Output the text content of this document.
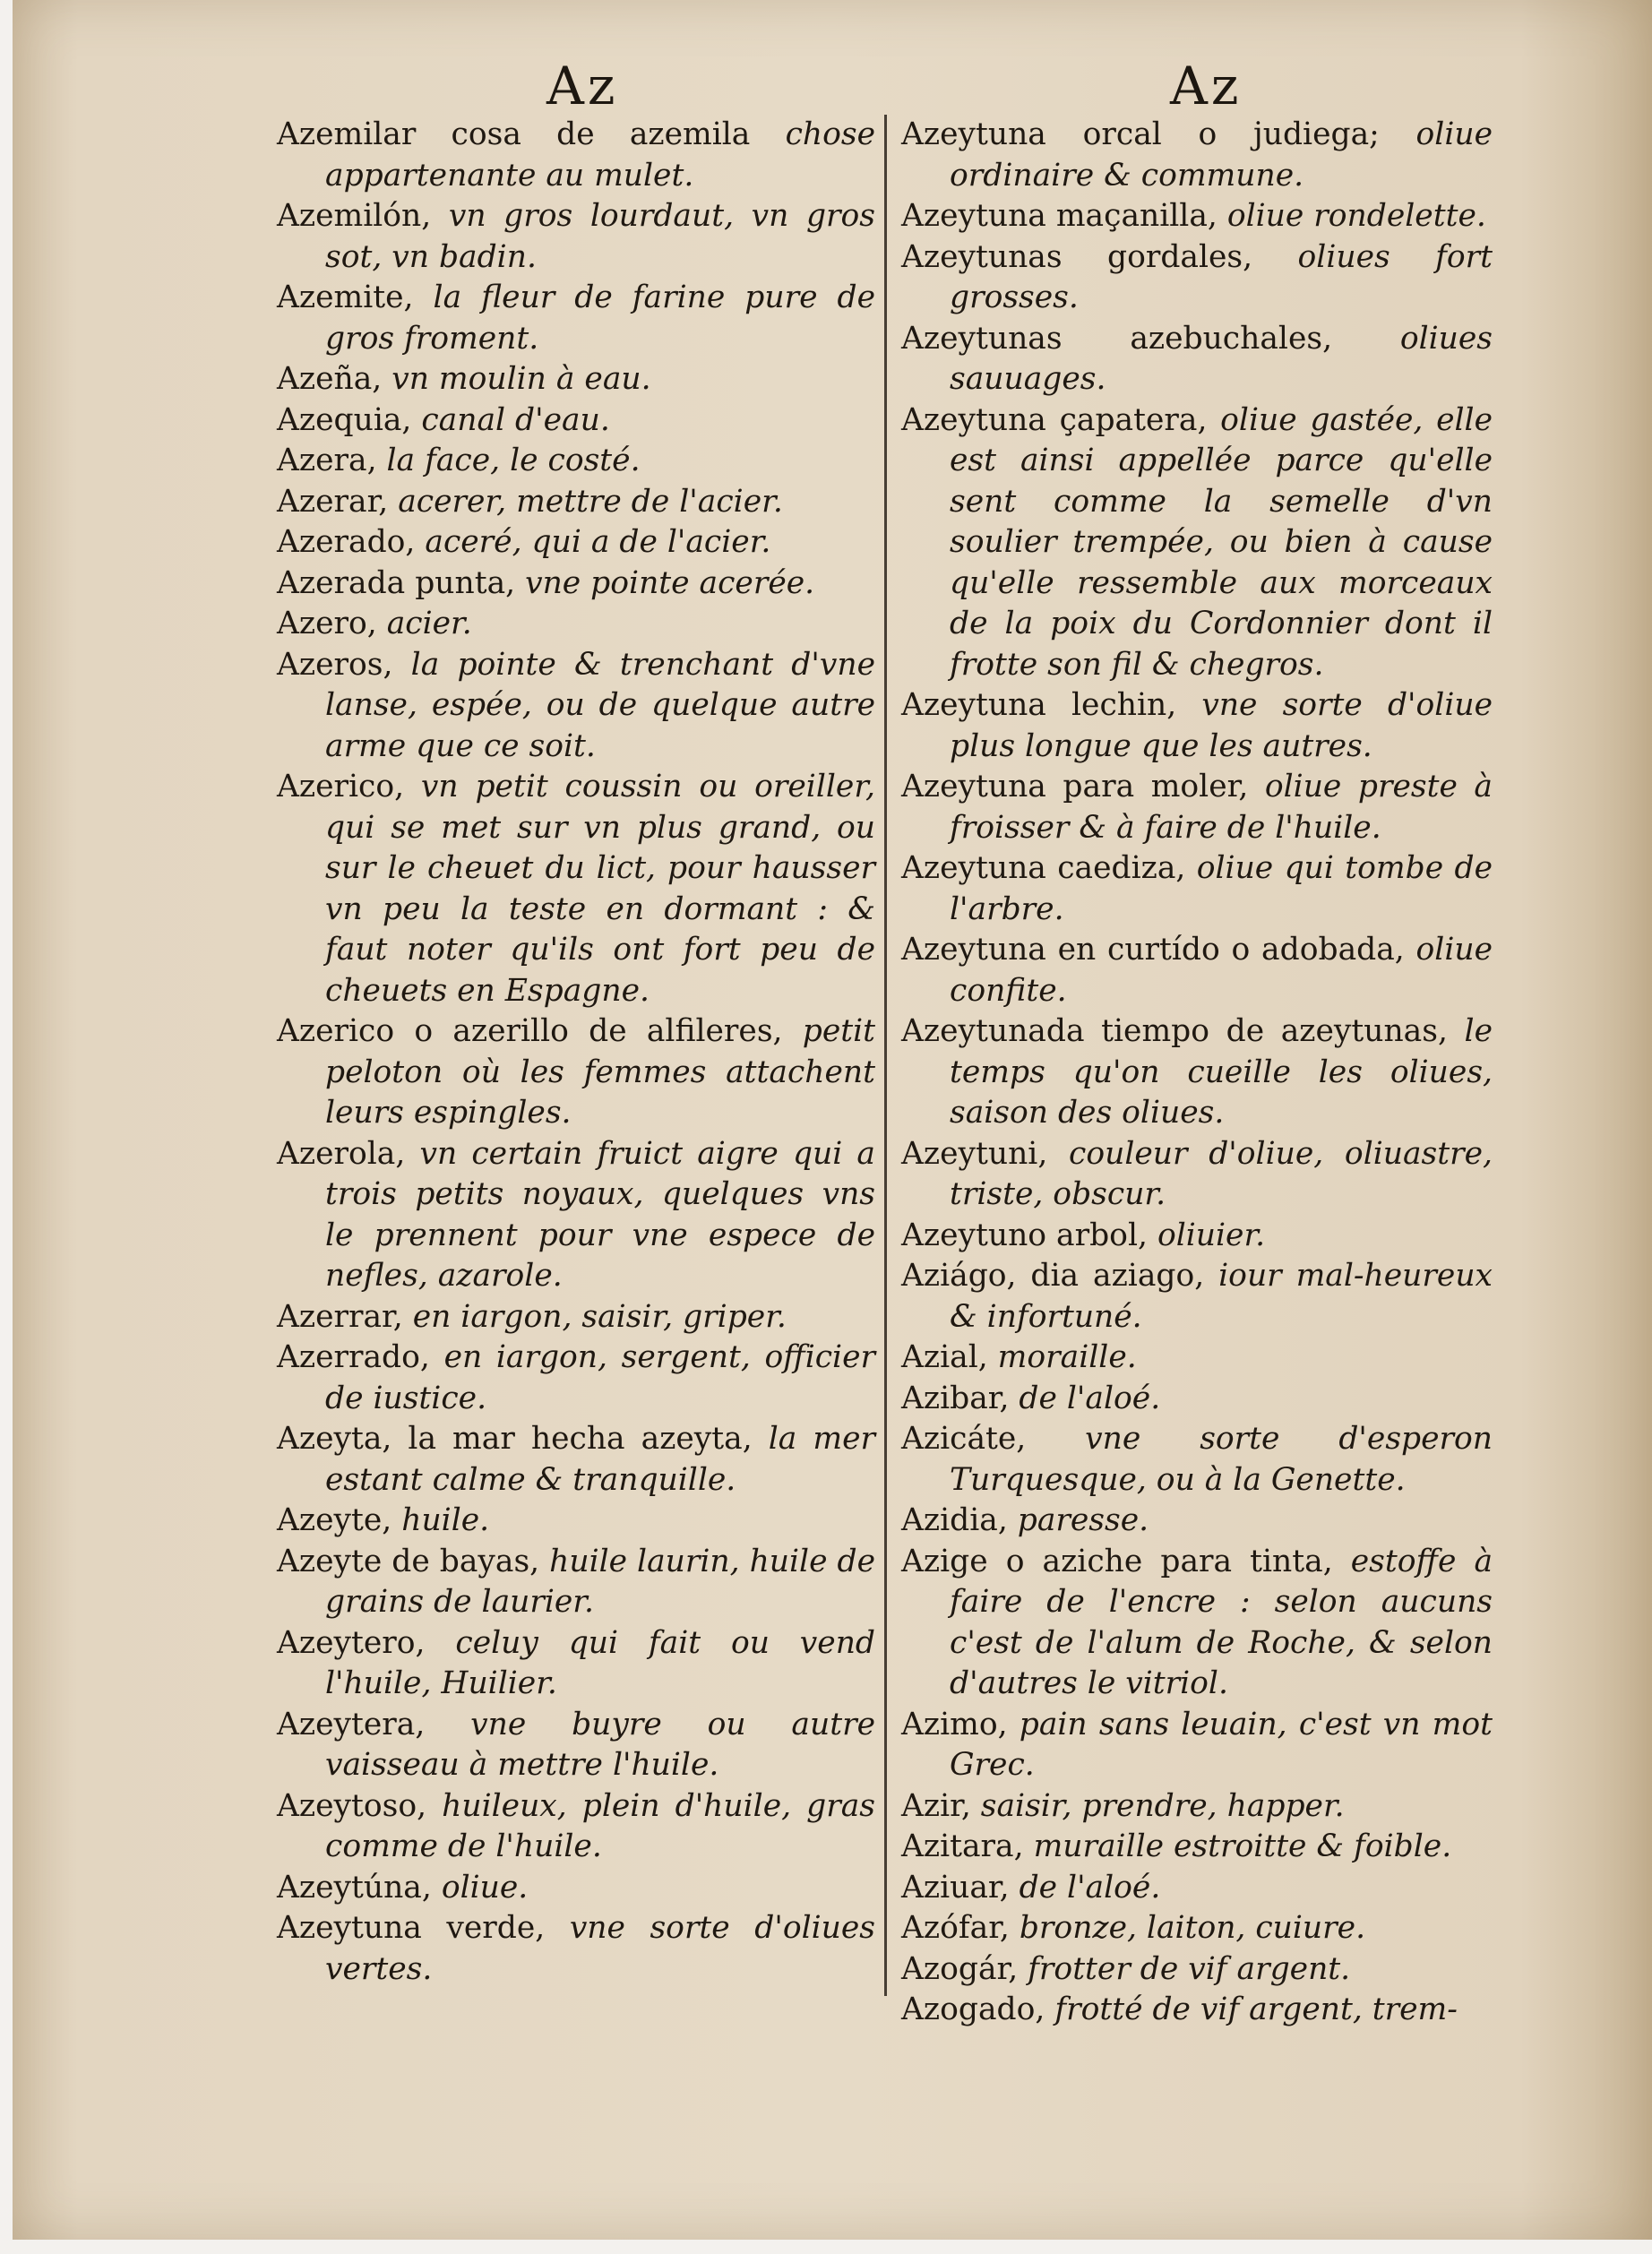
Az	Az

Azemilar cosa de azemila chose appartenante au mulet.

Azemilón, vn gros lourdaut, vn gros sot, vn badin.

Azemite, la fleur de farine pure de gros froment.

Azeña, vn moulin à eau.

Azequia, canal d'eau.

Azera, la face, le costé.

Azerar, acerer, mettre de l'acier.

Azerado, aceré, qui a de l'acier.

Azerada punta, vne pointe acerée.

Azero, acier.

Azeros, la pointe & trenchant d'vne lanse, espée, ou de quelque autre arme que ce soit.

Azerico, vn petit coussin ou oreiller, qui se met sur vn plus grand, ou sur le cheuet du lict, pour hausser vn peu la teste en dormant : & faut noter qu'ils ont fort peu de cheuets en Espagne.

Azerico o azerillo de alfileres, petit peloton où les femmes attachent leurs espingles.

Azerola, vn certain fruict aigre qui a trois petits noyaux, quelques vns le prennent pour vne espece de nefles, azarole.

Azerrar, en iargon, saisir, griper.

Azerrado, en iargon, sergent, officier de iustice.

Azeyta, la mar hecha azeyta, la mer estant calme & tranquille.

Azeyte, huile.

Azeyte de bayas, huile laurin, huile de grains de laurier.

Azeytero, celuy qui fait ou vend l'huile, Huilier.

Azeytera, vne buyre ou autre vaisseau à mettre l'huile.

Azeytoso, huileux, plein d'huile, gras comme de l'huile.

Azeytúna, oliue.

Azeytuna verde, vne sorte d'oliues vertes.

Azeytuna orcal o judiega; oliue ordinaire & commune.

Azeytuna maçanilla, oliue rondelette.

Azeytunas gordales, oliues fort grosses.

Azeytunas azebuchales, oliues sauuages.

Azeytuna çapatera, oliue gastée, elle est ainsi appellée parce qu'elle sent comme la semelle d'vn soulier trempée, ou bien à cause qu'elle ressemble aux morceaux de la poix du Cordonnier dont il frotte son fil & chegros.

Azeytuna lechin, vne sorte d'oliue plus longue que les autres.

Azeytuna para moler, oliue preste à froisser & à faire de l'huile.

Azeytuna caediza, oliue qui tombe de l'arbre.

Azeytuna en curtído o adobada, oliue confite.

Azeytunada tiempo de azeytunas, le temps qu'on cueille les oliues, saison des oliues.

Azeytuni, couleur d'oliue, oliuastre, triste, obscur.

Azeytuno arbol, oliuier.

Aziágo, dia aziago, iour mal-heureux & infortuné.

Azial, moraille.

Azibar, de l'aloé.

Azicáte, vne sorte d'esperon Turquesque, ou à la Genette.

Azidia, paresse.

Azige o aziche para tinta, estoffe à faire de l'encre : selon aucuns c'est de l'alum de Roche, & selon d'autres le vitriol.

Azimo, pain sans leuain, c'est vn mot Grec.

Azir, saisir, prendre, happer.

Azitara, muraille estroitte & foible.

Aziuar, de l'aloé.

Azófar, bronze, laiton, cuiure.

Azogár, frotter de vif argent.

Azogado, frotté de vif argent, trem-
